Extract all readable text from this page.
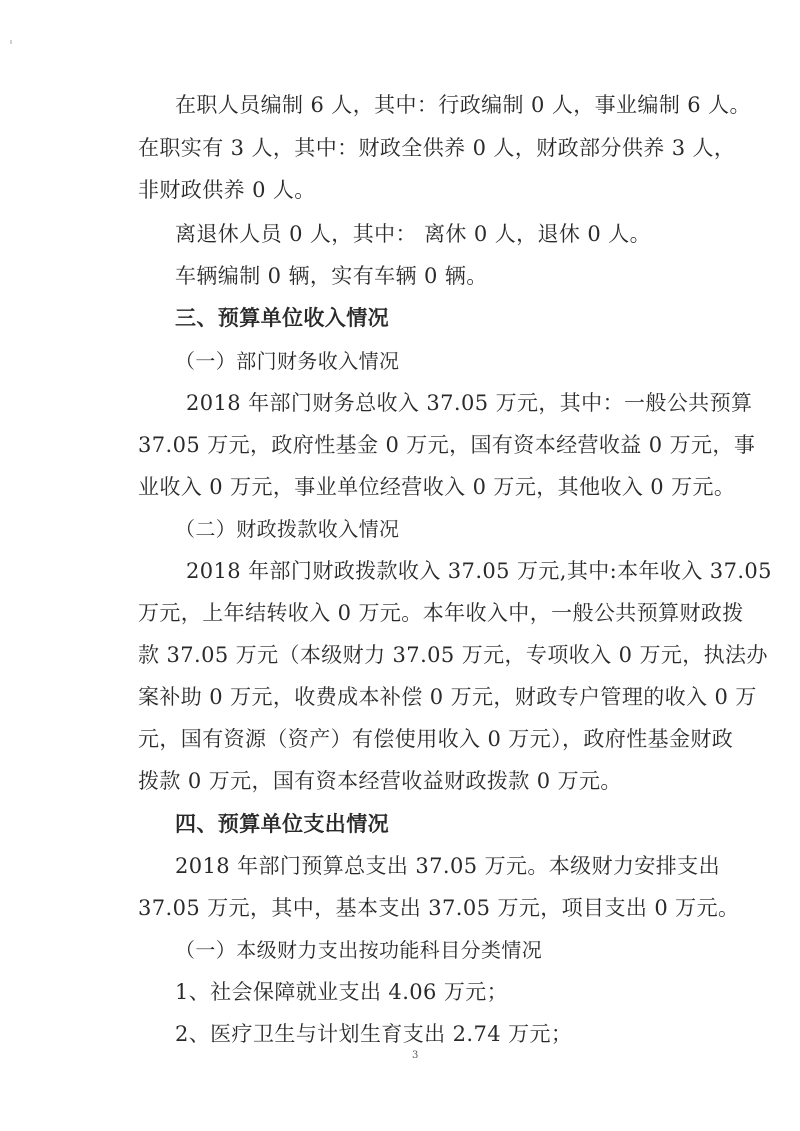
在职人员编制 6 人，其中：行政编制 0 人，事业编制 6 人。
在职实有 3 人，其中：财政全供养 0 人，财政部分供养 3 人，
非财政供养 0 人。
离退休人员 0 人，其中： 离休 0 人，退休 0 人。
车辆编制 0 辆，实有车辆 0 辆。
三、预算单位收入情况
（一）部门财务收入情况
2018 年部门财务总收入 37.05 万元，其中：一般公共预算
37.05 万元，政府性基金 0 万元，国有资本经营收益 0 万元，事
业收入 0 万元，事业单位经营收入 0 万元，其他收入 0 万元。
（二）财政拨款收入情况
2018 年部门财政拨款收入 37.05 万元,其中:本年收入 37.05
万元，上年结转收入 0 万元。本年收入中，一般公共预算财政拨
款 37.05 万元（本级财力 37.05 万元，专项收入 0 万元，执法办
案补助 0 万元，收费成本补偿 0 万元，财政专户管理的收入 0 万
元，国有资源（资产）有偿使用收入 0 万元），政府性基金财政
拨款 0 万元，国有资本经营收益财政拨款 0 万元。
四、预算单位支出情况
2018 年部门预算总支出 37.05 万元。本级财力安排支出
37.05 万元，其中，基本支出 37.05 万元，项目支出 0 万元。
（一）本级财力支出按功能科目分类情况
1、社会保障就业支出 4.06 万元；
2、医疗卫生与计划生育支出 2.74 万元；
3
